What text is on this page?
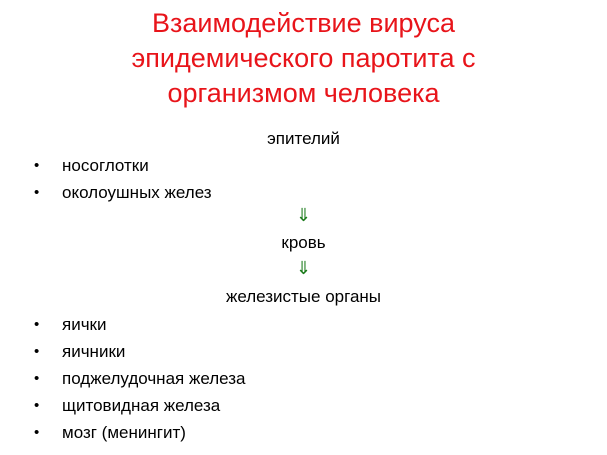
Взаимодействие вируса
эпидемического паротита с
организмом человека
эпителий
• носоглотки
• околоушных желез
⇓
кровь
⇓
железистые органы
• яички
• яичники
• поджелудочная железа
• щитовидная железа
• мозг (менингит)
